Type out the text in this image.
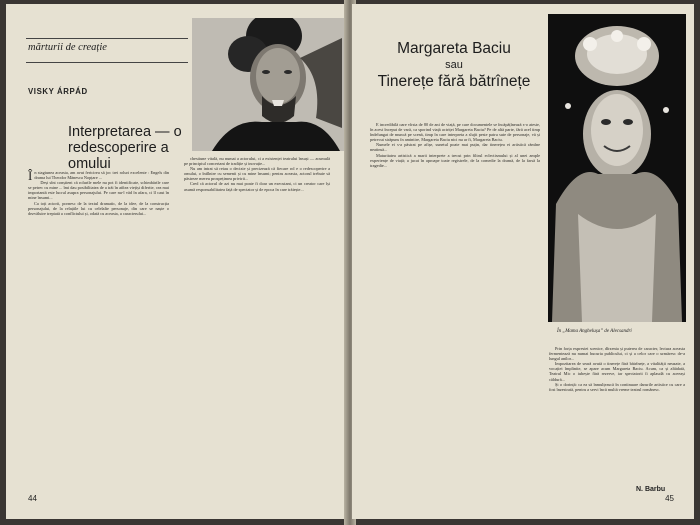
mărturii de creație
VISKY ÁRPÁD
Interpretarea — o redescoperire a omului

În stagiunea aceasta, am avut fericirea să joc trei roluri excelente : Engels din drama lui Theodor Mănescu Nopțare ...

Deși sînt conștient că rolurile mele nu pot fi identificate, schimbările care se petrec cu mine ... îmi dau posibilitatea de a trăi în atîtea viețiși diferite, cea mai importantă este lucrul asupra personajului. Pe care nu-l văd în afara, ci îl caut în mine însumi...

Ca toți actorii, pornesc de la textul dramatic, de la idee, de la construcția personajului, de la relațiile lui cu celelalte personaje, din care se naște o dezvăluire treptată a conflictului și, odată cu aceasta, a caracterului...

chestiune vitală, nu numai a actorului, ci a existenței teatrului însuși — acumulă pe principiul concertant de tradiție și inovație...

Nu am intrat să reiau o decizie și precizează că fiecare rol e o redescoperire a omului, o întîlnire cu semenii și cu mine însumi; pentru aceasta, actorul trebuie să păstreze mereu prospețimea privirii...

Cred că actorul de azi nu mai poate fi doar un executant, ci un creator care își asumă responsabilitatea față de spectator și de epoca în care trăiește...

44
Margareta Baciu
sau
Tinerețe fără bătrînețe
În „Mama Anghelușa” de Alecsandri

E incredibilă oare vîrsta de 80 de ani de viață, pe care documentele se încăpățînează s-o ateste, în acest început de vară, ca sporind viață actriței Margareta Baciu? Pe de altă parte, fără acel timp îndelungat de muncă pe scenă, timp în care interpreta a slujit peste patru sute de personaje, vă și petrecut străpuns în amintire, Margareta Baciu nici nu ar fi, Margareta Baciu.

Numele ei s-a păstrat pe afișe, sunetul poate mai puțin, dar tinerețea ei artistică rămîne neatinsă...

Maturitatea artistică a marii interprete a trecut prin filtrul eclectismului și al unei ample experiențe de viață; a jucat în aproape toate registrele, de la comedie la dramă, de la farsă la tragedie...

Prin forța expresiei scenice, dîrzenia și puterea de caracter, lectura aceasta fermentează nu numai bucuria publicului, ci și a celor care o urmăresc de-a lungul anilor...

Impozitarea de seară avută o tinerețe fără bătrînețe, a vitalității neuzate, a vocației împlinite, se apare acum Margareta Baciu. Acum, ca și altădată, Teatrul Mic o iubește fără rezerve, iar spectatorii îi aplaudă cu aceeași căldură...

Și o dorință: ca ea să înmulțească în continuare darurile artistice cu care a fost înzestrată, pentru a servi încă multă vreme teatrul românesc.

N. Barbu
45
